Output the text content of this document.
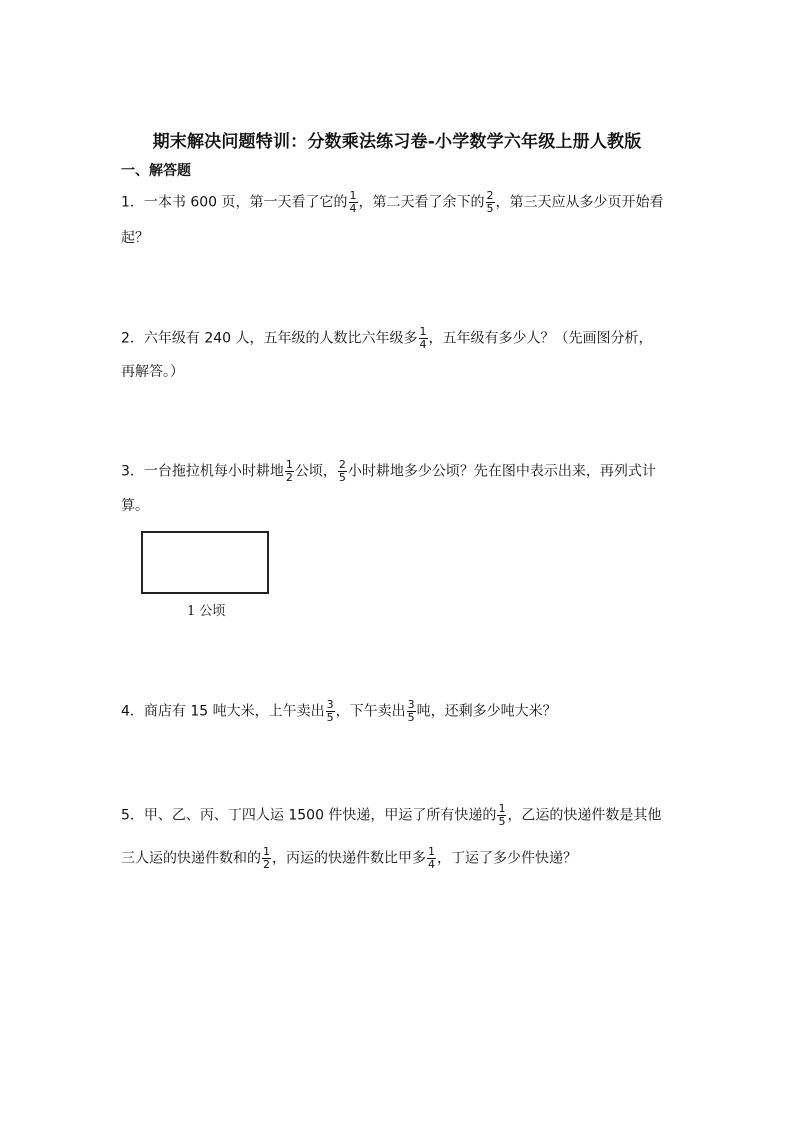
期末解决问题特训：分数乘法练习卷-小学数学六年级上册人教版
一、解答题
1．一本书 600 页，第一天看了它的 $\frac{1}{4}$ ，第二天看了余下的 $\frac{2}{5}$ ，第三天应从多少页开始看
起？
2．六年级有 240 人，五年级的人数比六年级多 $\frac{1}{4}$ ，五年级有多少人？（先画图分析，
再解答。）
3．一台拖拉机每小时耕地 $\frac{1}{2}$ 公顷， $\frac{2}{5}$ 小时耕地多少公顷？先在图中表示出来，再列式计
算。
1 公顷
4．商店有 15 吨大米，上午卖出 $\frac{3}{5}$ ，下午卖出 $\frac{3}{5}$ 吨，还剩多少吨大米？
5．甲、乙、丙、丁四人运 1500 件快递，甲运了所有快递的 $\frac{1}{5}$ ，乙运的快递件数是其他
三人运的快递件数和的 $\frac{1}{2}$ ，丙运的快递件数比甲多 $\frac{1}{4}$ ，丁运了多少件快递？
